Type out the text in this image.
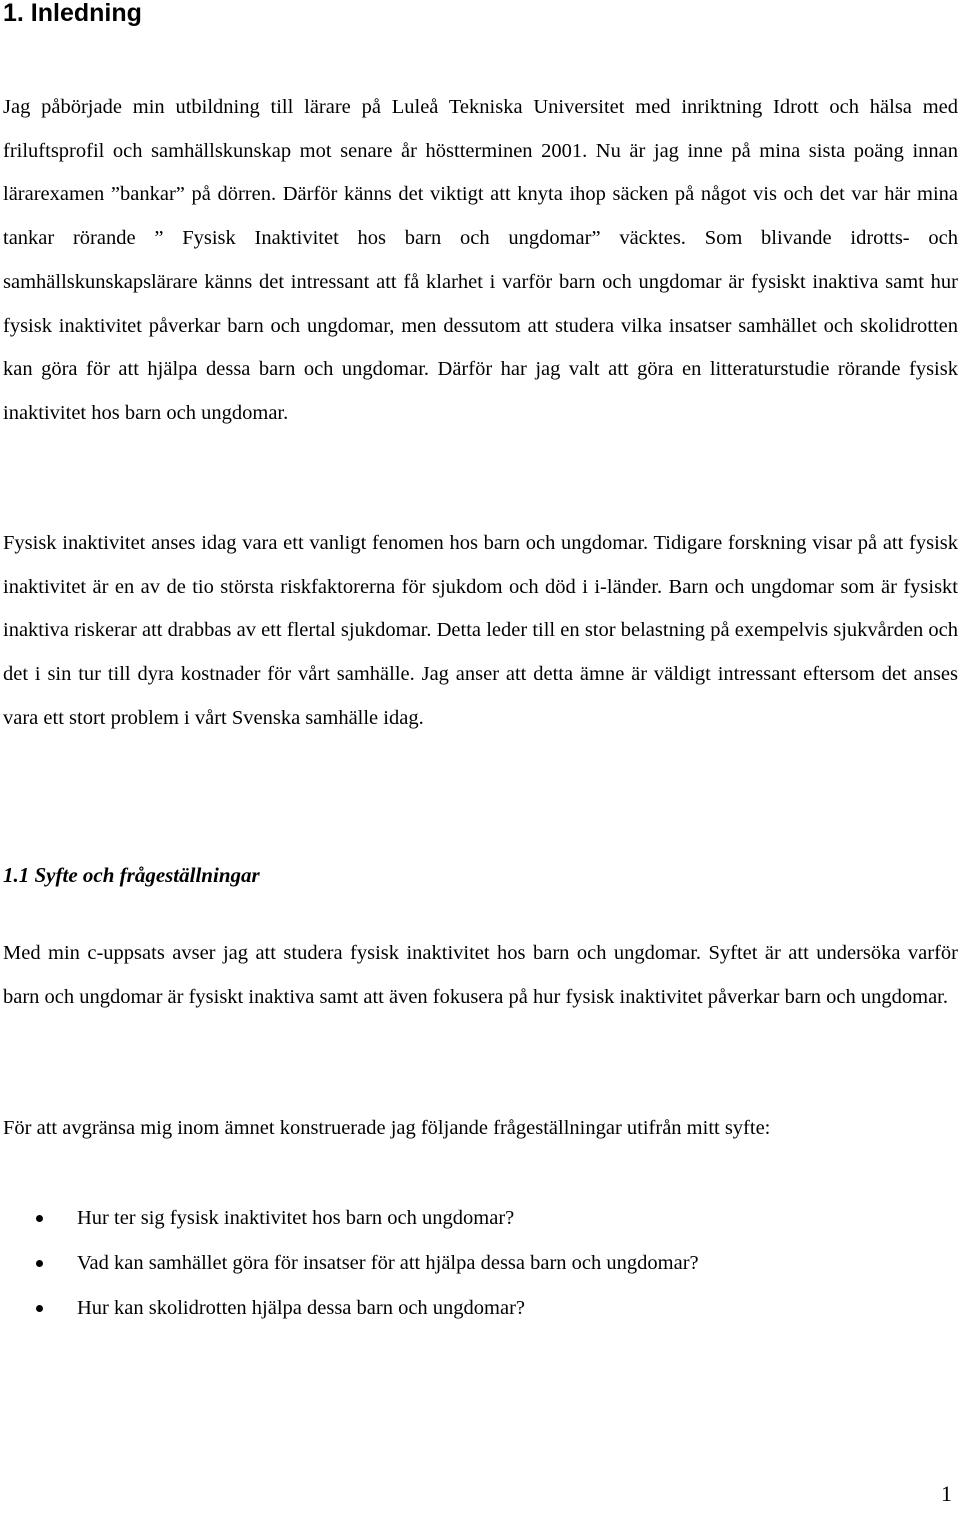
1. Inledning

Jag påbörjade min utbildning till lärare på Luleå Tekniska Universitet med inriktning Idrott och hälsa med friluftsprofil och samhällskunskap mot senare år höstterminen 2001. Nu är jag inne på mina sista poäng innan lärarexamen ”bankar” på dörren. Därför känns det viktigt att knyta ihop säcken på något vis och det var här mina tankar rörande ” Fysisk Inaktivitet hos barn och ungdomar” väcktes. Som blivande idrotts- och samhällskunskapslärare känns det intressant att få klarhet i varför barn och ungdomar är fysiskt inaktiva samt hur fysisk inaktivitet påverkar barn och ungdomar, men dessutom att studera vilka insatser samhället och skolidrotten kan göra för att hjälpa dessa barn och ungdomar. Därför har jag valt att göra en litteraturstudie rörande fysisk inaktivitet hos barn och ungdomar.

Fysisk inaktivitet anses idag vara ett vanligt fenomen hos barn och ungdomar. Tidigare forskning visar på att fysisk inaktivitet är en av de tio största riskfaktorerna för sjukdom och död i i-länder. Barn och ungdomar som är fysiskt inaktiva riskerar att drabbas av ett flertal sjukdomar. Detta leder till en stor belastning på exempelvis sjukvården och det i sin tur till dyra kostnader för vårt samhälle. Jag anser att detta ämne är väldigt intressant eftersom det anses vara ett stort problem i vårt Svenska samhälle idag.

1.1 Syfte och frågeställningar

Med min c-uppsats avser jag att studera fysisk inaktivitet hos barn och ungdomar. Syftet är att undersöka varför barn och ungdomar är fysiskt inaktiva samt att även fokusera på hur fysisk inaktivitet påverkar barn och ungdomar.

För att avgränsa mig inom ämnet konstruerade jag följande frågeställningar utifrån mitt syfte:

Hur ter sig fysisk inaktivitet hos barn och ungdomar?
Vad kan samhället göra för insatser för att hjälpa dessa barn och ungdomar?
Hur kan skolidrotten hjälpa dessa barn och ungdomar?
1
